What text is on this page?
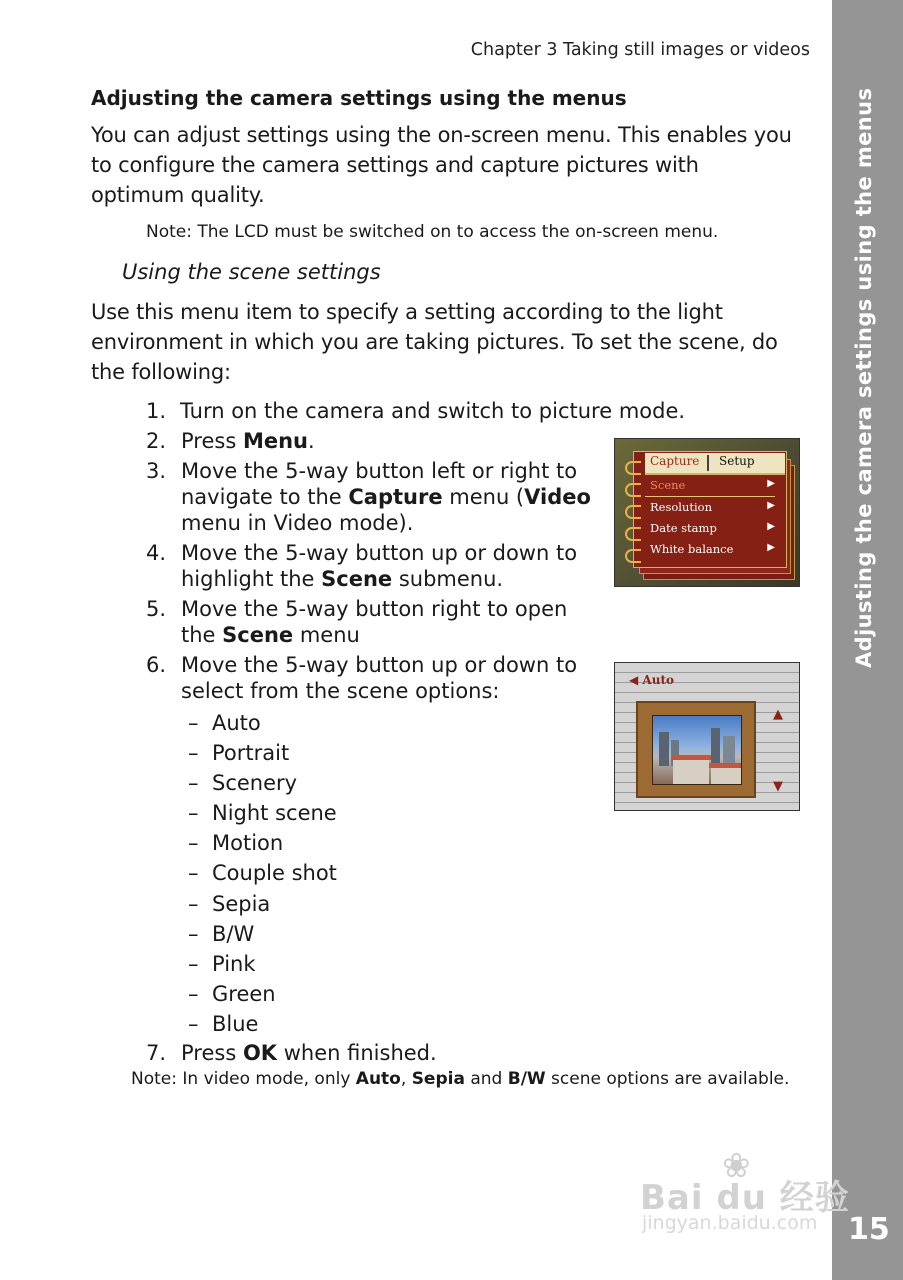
Adjusting the camera settings using the menus
15
Chapter 3 Taking still images or videos
Adjusting the camera settings using the menus
You can adjust settings using the on-screen menu. This enables you
to configure the camera settings and capture pictures with
optimum quality.
Note: The LCD must be switched on to access the on-screen menu.
Using the scene settings
Use this menu item to specify a setting according to the light
environment in which you are taking pictures. To set the scene, do
the following:
1. Turn on the camera and switch to picture mode.
2. Press Menu.
3. Move the 5-way button left or right to
navigate to the Capture menu (Video
menu in Video mode).
4. Move the 5-way button up or down to
highlight the Scene submenu.
5. Move the 5-way button right to open
the Scene menu
6. Move the 5-way button up or down to
select from the scene options:
– Auto
– Portrait
– Scenery
– Night scene
– Motion
– Couple shot
– Sepia
– B/W
– Pink
– Green
– Blue
7. Press OK when finished.
Note: In video mode, only Auto, Sepia and B/W scene options are available.
Capture Setup
Scene	▶
Resolution	▶
Date stamp	▶
White balance	▶
◀ Auto
▲
▼
❀
Bai du 经验
jingyan.baidu.com
